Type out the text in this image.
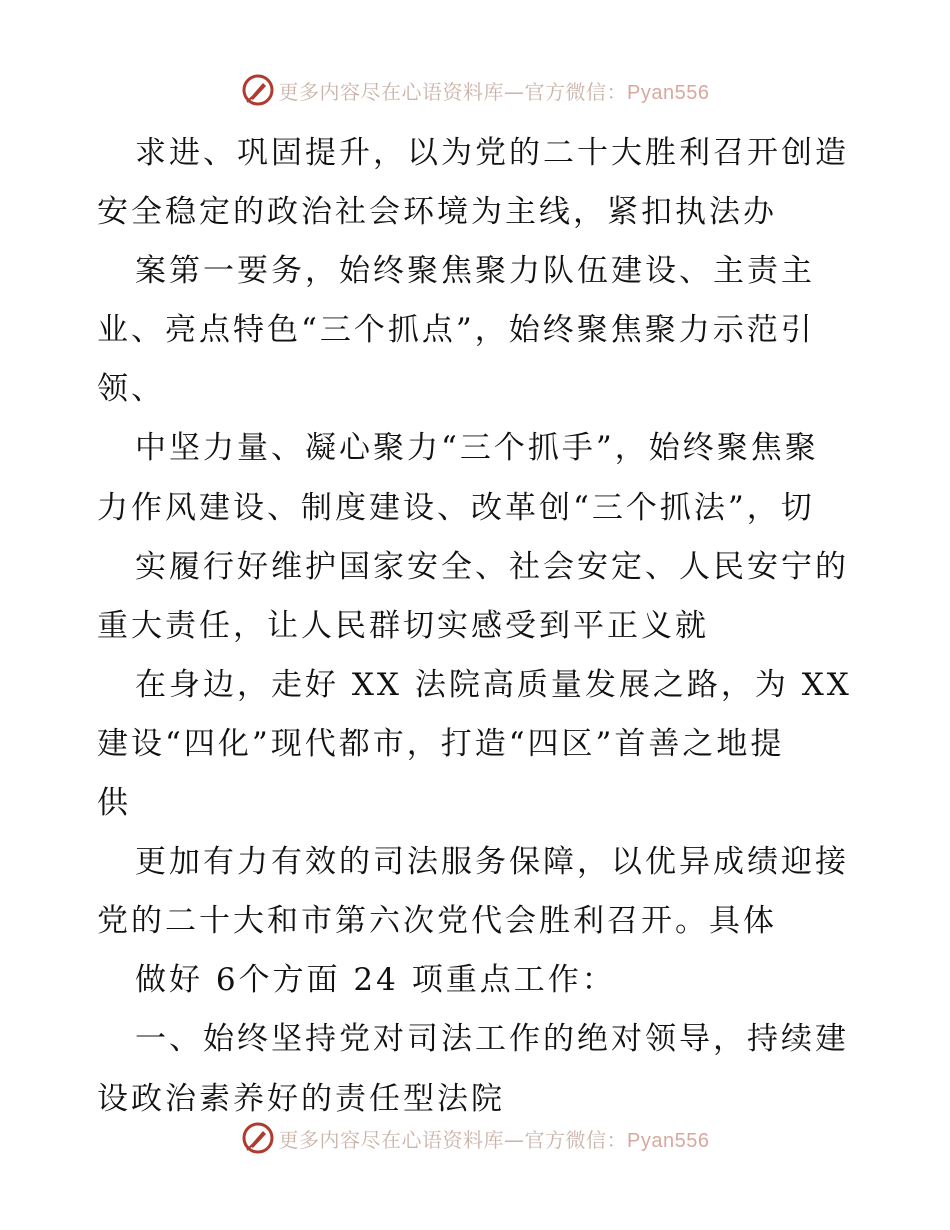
更多内容尽在心语资料库—官方微信：Pyan556
求进、巩固提升，以为党的二十大胜利召开创造
安全稳定的政治社会环境为主线，紧扣执法办
案第一要务，始终聚焦聚力队伍建设、主责主
业、亮点特色“三个抓点”，始终聚焦聚力示范引
领、
中坚力量、凝心聚力“三个抓手”，始终聚焦聚
力作风建设、制度建设、改革创“三个抓法”，切
实履行好维护国家安全、社会安定、人民安宁的
重大责任，让人民群切实感受到平正义就
在身边，走好 XX 法院高质量发展之路，为 XX
建设“四化”现代都市，打造“四区”首善之地提
供
更加有力有效的司法服务保障，以优异成绩迎接
党的二十大和市第六次党代会胜利召开。具体
做好 6个方面 24 项重点工作：
一、始终坚持党对司法工作的绝对领导，持续建
设政治素养好的责任型法院
更多内容尽在心语资料库—官方微信：Pyan556
